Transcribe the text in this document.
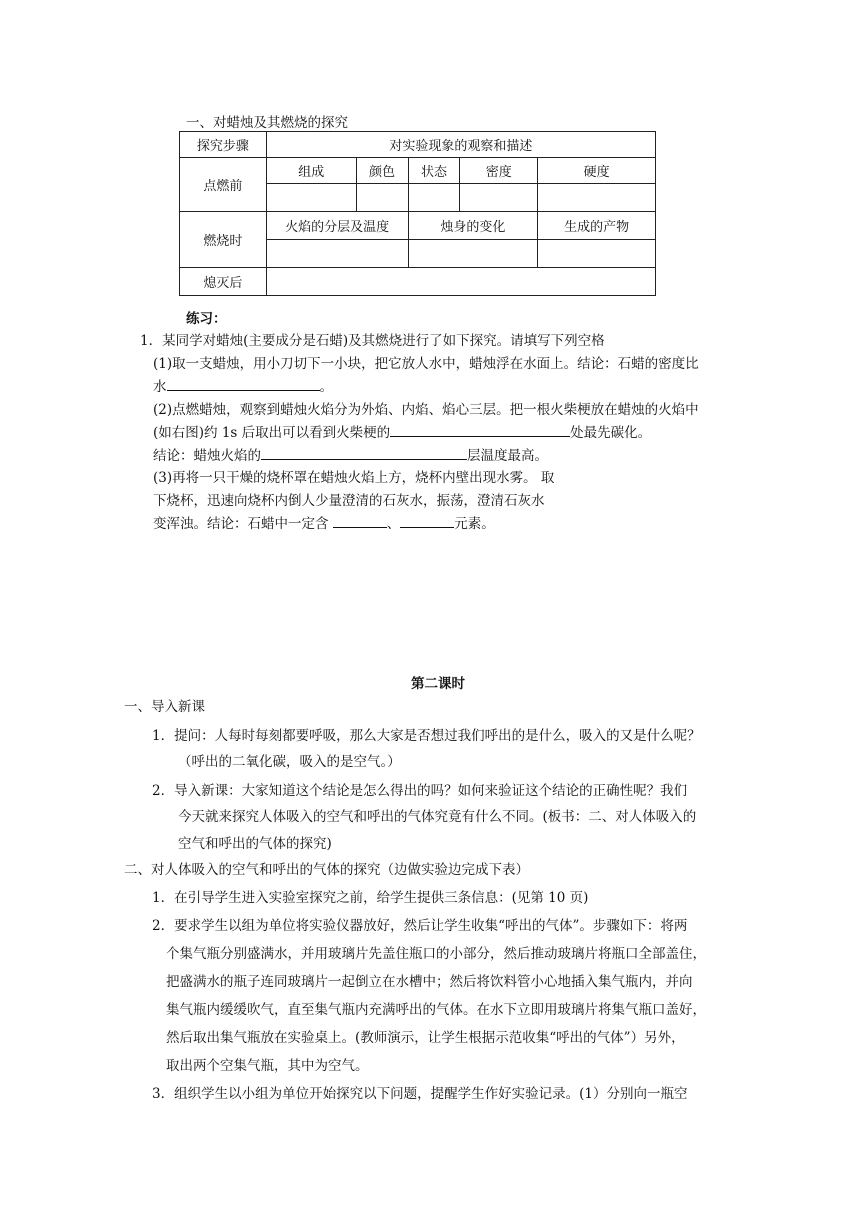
一、对蜡烛及其燃烧的探究
探究步骤	对实验现象的观察和描述				
点燃前	组成	颜色	状态	密度	硬度

燃烧时	火焰的分层及温度		烛身的变化		生成的产物

熄灭后					
练习：
1．某同学对蜡烛(主要成分是石蜡)及其燃烧进行了如下探究。请填写下列空格
(1)取一支蜡烛，用小刀切下一小块，把它放人水中，蜡烛浮在水面上。结论：石蜡的密度比
水	。
(2)点燃蜡烛，观察到蜡烛火焰分为外焰、内焰、焰心三层。把一根火柴梗放在蜡烛的火焰中
(如右图)约 1s 后取出可以看到火柴梗的	处最先碳化。
结论：蜡烛火焰的	层温度最高。
(3)再将一只干燥的烧杯罩在蜡烛火焰上方，烧杯内壁出现水雾。 取
下烧杯，迅速向烧杯内倒人少量澄清的石灰水，振荡，澄清石灰水
变浑浊。结论：石蜡中一定含	、	元素。
第二课时
一、导入新课
1．提问：人每时每刻都要呼吸，那么大家是否想过我们呼出的是什么，吸入的又是什么呢？
（呼出的二氧化碳，吸入的是空气。）
2．导入新课：大家知道这个结论是怎么得出的吗？如何来验证这个结论的正确性呢？我们
今天就来探究人体吸入的空气和呼出的气体究竟有什么不同。(板书：二、对人体吸入的
空气和呼出的气体的探究)
二、对人体吸入的空气和呼出的气体的探究（边做实验边完成下表）
1．在引导学生进入实验室探究之前，给学生提供三条信息：(见第 10 页)
2．要求学生以组为单位将实验仪器放好，然后让学生收集“呼出的气体”。步骤如下：将两
个集气瓶分别盛满水，并用玻璃片先盖住瓶口的小部分，然后推动玻璃片将瓶口全部盖住，
把盛满水的瓶子连同玻璃片一起倒立在水槽中；然后将饮料管小心地插入集气瓶内，并向
集气瓶内缓缓吹气，直至集气瓶内充满呼出的气体。在水下立即用玻璃片将集气瓶口盖好，
然后取出集气瓶放在实验桌上。(教师演示，让学生根据示范收集“呼出的气体”）另外，
取出两个空集气瓶，其中为空气。
3．组织学生以小组为单位开始探究以下问题，提醒学生作好实验记录。(1）分别向一瓶空
